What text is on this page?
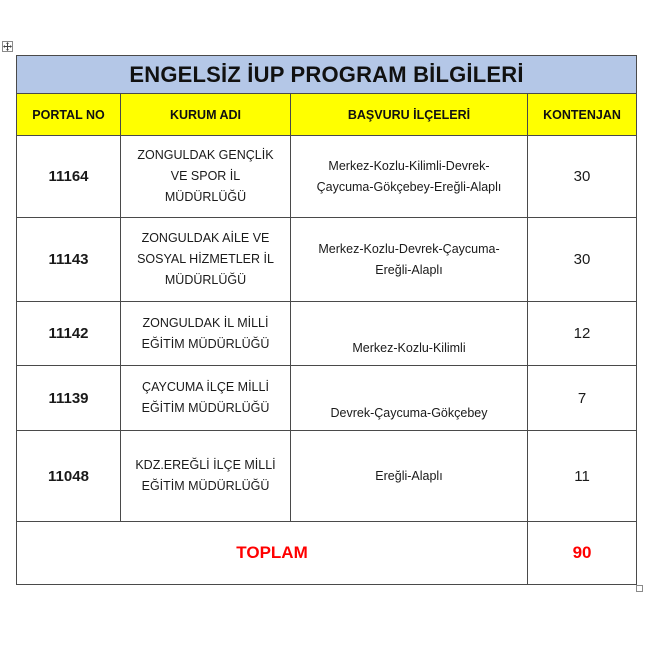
ENGELSİZ İUP PROGRAM BİLGİLERİ			
PORTAL NO	KURUM ADI	BAŞVURU İLÇELERİ	KONTENJAN
11164	ZONGULDAK GENÇLİK
VE SPOR İL
MÜDÜRLÜĞÜ	Merkez-Kozlu-Kilimli-Devrek-
Çaycuma-Gökçebey-Ereğli-Alaplı	30
11143	ZONGULDAK AİLE VE
SOSYAL HİZMETLER İL
MÜDÜRLÜĞÜ	Merkez-Kozlu-Devrek-Çaycuma-
Ereğli-Alaplı	30
11142	ZONGULDAK İL MİLLİ
EĞİTİM MÜDÜRLÜĞÜ	Merkez-Kozlu-Kilimli	12
11139	ÇAYCUMA İLÇE MİLLİ
EĞİTİM MÜDÜRLÜĞÜ	Devrek-Çaycuma-Gökçebey	7
11048	KDZ.EREĞLİ İLÇE MİLLİ
EĞİTİM MÜDÜRLÜĞÜ	Ereğli-Alaplı	11
TOPLAM			90
